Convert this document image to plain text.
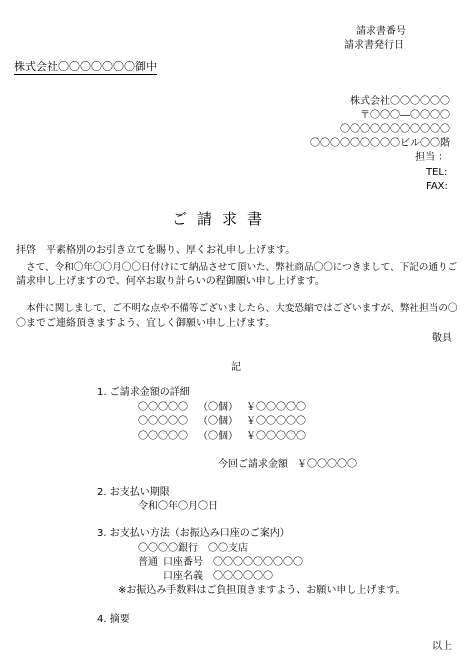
請求書番号
請求書発行日
株式会社〇〇〇〇〇〇〇御中
株式会社〇〇〇〇〇〇
〒〇〇〇―〇〇〇〇
〇〇〇〇〇〇〇〇〇〇〇
〇〇〇〇〇〇〇〇〇ビル〇〇階
担当 ：
TEL:
FAX:
ご請求書
拝啓　平素格別のお引き立てを賜り、厚くお礼申し上げます。
さて、令和〇年〇〇月〇〇日付けにて納品させて頂いた、弊社商品〇〇につきまして、下記の通りご
請求申し上げますので、何卒お取り計らいの程御願い申し上げます。
本件に関しまして、ご不明な点や不備等ございましたら、大変恐縮ではございますが、弊社担当の〇
〇までご連絡頂きますよう、宜しく御願い申し上げます。
敬具
記
1. ご請求金額の詳細
〇〇〇〇〇 （〇個） ￥〇〇〇〇〇
〇〇〇〇〇 （〇個） ￥〇〇〇〇〇
〇〇〇〇〇 （〇個） ￥〇〇〇〇〇
今回ご請求金額 ￥〇〇〇〇〇
2. お支払い期限
令和〇年〇月〇日
3. お支払い方法（お振込み口座のご案内）
〇〇〇〇銀行　〇〇支店
普通 口座番号 〇〇〇〇〇〇〇〇〇
口座名義 〇〇〇〇〇〇
※お振込み手数料はご負担頂きますよう、お願い申し上げます。
4. 摘要
以上
